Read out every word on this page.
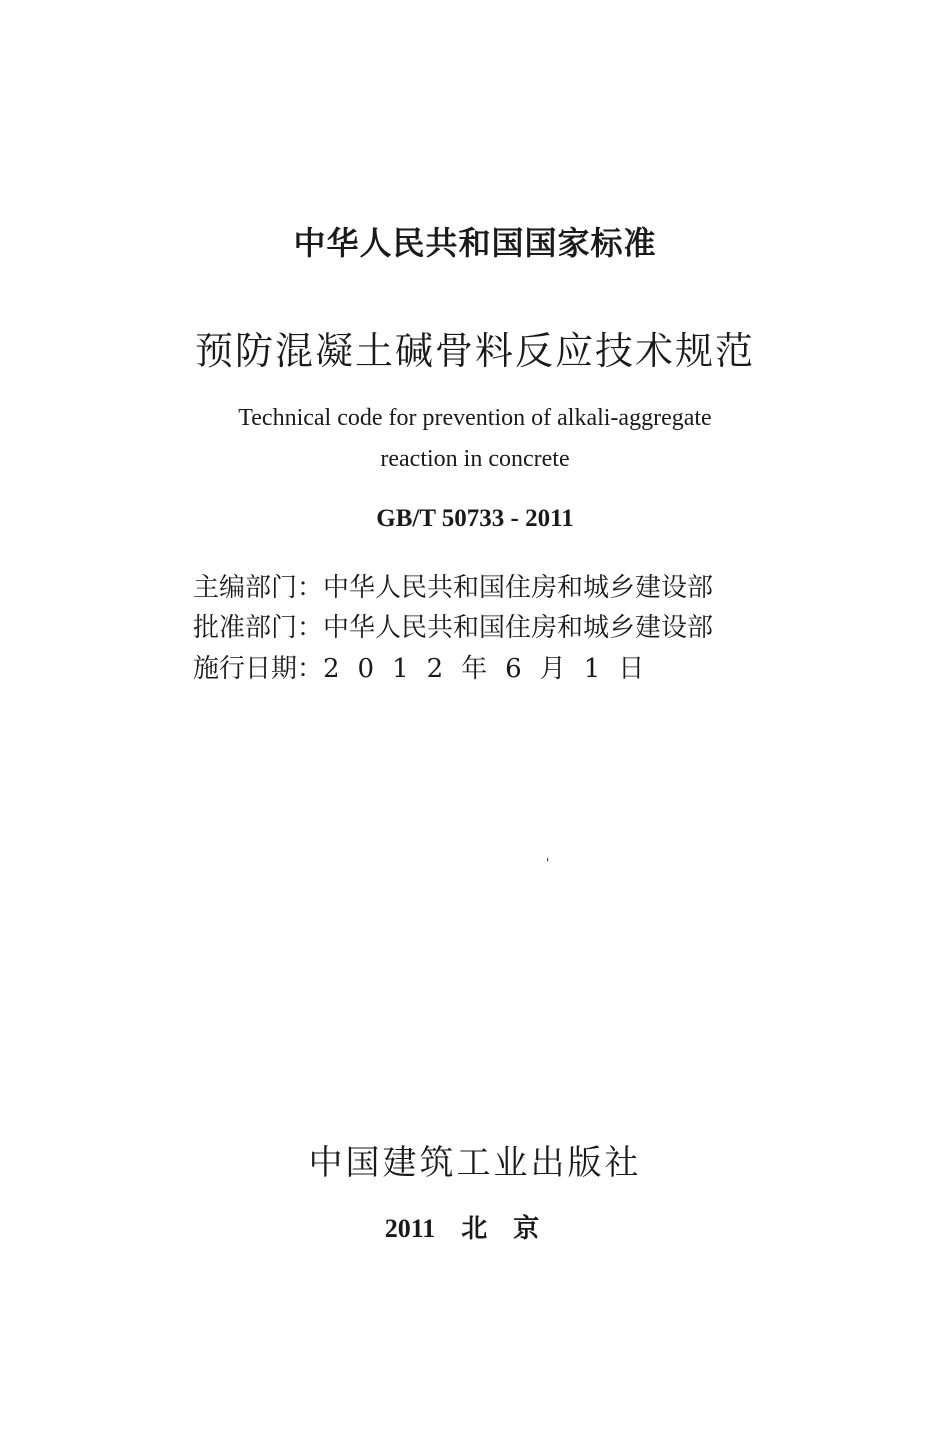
中华人民共和国国家标准
预防混凝土碱骨料反应技术规范
Technical code for prevention of alkali-aggregate
reaction in concrete
GB/T 50733 - 2011
主编部门：中华人民共和国住房和城乡建设部
批准部门：中华人民共和国住房和城乡建设部
施行日期：2012年6月1日
'
中国建筑工业出版社
2011 北京
